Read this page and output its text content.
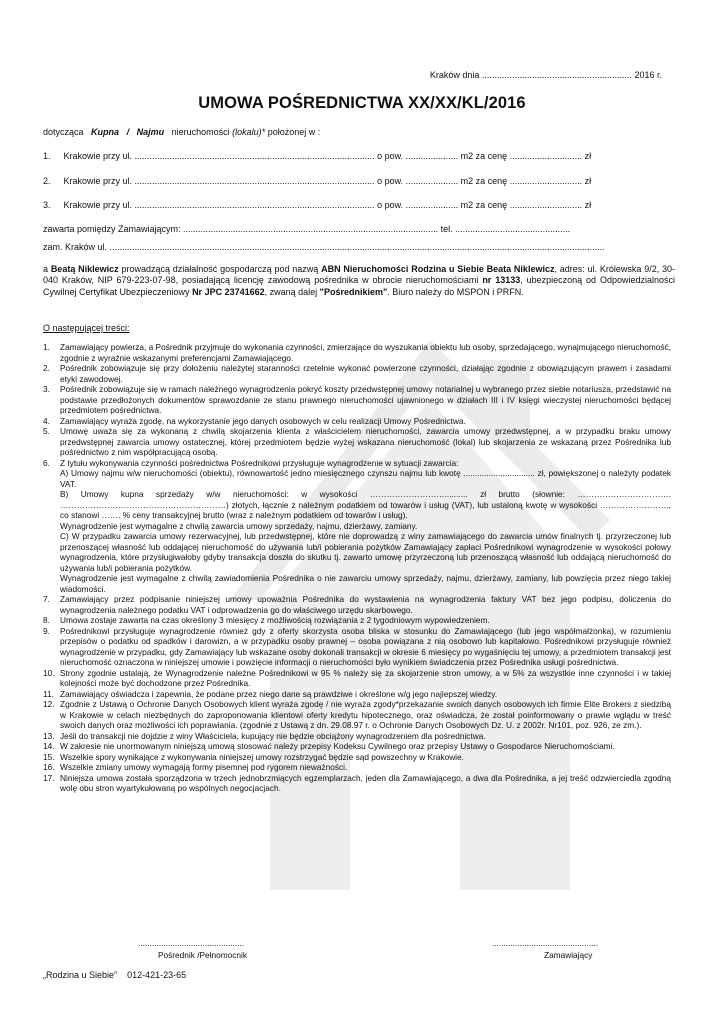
Kraków dnia ............................................................ 2016 r.
UMOWA POŚREDNICTWA XX/XX/KL/2016
dotycząca Kupna / Najmu nieruchomości (lokalu)* położonej w :
1. Krakowie przy ul. ................................................................................................ o pow. ..................... m2 za cenę ............................. zł
2. Krakowie przy ul. ................................................................................................ o pow. ..................... m2 za cenę ............................. zł
3. Krakowie przy ul. ................................................................................................ o pow. ..................... m2 za cenę ............................. zł
zawarta pomiędzy Zamawiającym: ...................................................................................................... tel. ..............................................
zam. Kraków ul. ......................................................................................................................................................................................................
a Beatą Niklewicz prowadzącą działalność gospodarczą pod nazwą ABN Nieruchomości Rodzina u Siebie Beata Niklewicz, adres: ul. Królewska 9/2, 30-040 Kraków, NIP 679-223-07-98, posiadającą licencję zawodową pośrednika w obrocie nieruchomościami nr 13133, ubezpieczoną od Odpowiedzialności Cywilnej Certyfikat Ubezpieczeniowy Nr JPC 23741662, zwaną dalej "Pośrednikiem". Biuro należy do MSPON i PRFN.
O następującej treści:
1. Zamawiający powierza, a Pośrednik przyjmuje do wykonania czynności, zmierzające do wyszukania obiektu lub osoby, sprzedającego, wynajmującego nieruchomość, zgodnie z wyraźnie wskazanymi preferencjami Zamawiającego.
2. Pośrednik zobowiązuje się przy dołożeniu należytej staranności rzetelnie wykonać powierzone czynności, działając zgodnie z obowiązującym prawem i zasadami etyki zawodowej.
3. Pośrednik zobowiązuje się w ramach należnego wynagrodzenia pokryć koszty przedwstępnej umowy notarialnej u wybranego przez siebie notariusza, przedstawić na podstawie przedłożonych dokumentów sprawozdanie ze stanu prawnego nieruchomości ujawnionego w działach III i IV księgi wieczystej nieruchomości będącej przedmiotem pośrednictwa.
4. Zamawiający wyraża zgodę, na wykorzystanie jego danych osobowych w celu realizacji Umowy Pośrednictwa.
5. Umowę uważa się za wykonaną z chwilą skojarzenia klienta z właścicielem nieruchomości, zawarcia umowy przedwstępnej, a w przypadku braku umowy przedwstępnej zawarcia umowy ostatecznej, której przedmiotem będzie wyżej wskazana nieruchomość (lokal) lub skojarzenia ze wskazaną przez Pośrednika lub pośrednictwo z nim współpracującą osobą.
6. Z tytułu wykonywania czynności pośrednictwa Pośrednikowi przysługuje wynagrodzenie w sytuacji zawarcia:
A) Umowy najmu w/w nieruchomości (obiektu), równowartość jedno miesięcznego czynszu najmu lub kwotę ............................... zł, powiększonej o należyty podatek VAT.
B) Umowy kupna sprzedaży w/w nieruchomości: w wysokości ……………………….......... zł brutto (słownie: ……………………………. ……………………………………………………) złotych, łącznie z należnym podatkiem od towarów i usług (VAT), lub ustaloną kwotę w wysokości ……………………., co stanowi ……. % ceny transakcyjnej brutto (wraz z należnym podatkiem od towarów i usług).
Wynagrodzenie jest wymagalne z chwilą zawarcia umowy sprzedaży, najmu, dzierżawy, zamiany.
C) W przypadku zawarcia umowy rezerwacyjnej, lub przedwstępnej, które nie doprowadzą z winy zamawiającego do zawarcia umów finalnych tj. przyrzeczonej lub przenoszącej własność lub oddającej nieruchomość do używania lub/i pobierania pożytków Zamawiający zapłaci Pośrednikowi wynagrodzenie w wysokości połowy wynagrodzenia, które przysługiwałoby gdyby transakcja doszła do skutku tj. zawarto umowę przyrzeczoną lub przenoszącą własność lub oddającą nieruchomość do używania lub/i pobierania pożytków.
Wynagrodzenie jest wymagalne z chwilą zawiadomienia Pośrednika o nie zawarciu umowy sprzedaży, najmu, dzierżawy, zamiany, lub powzięcia przez niego takiej wiadomości.
7. Zamawiający przez podpisanie niniejszej umowy upoważnia Pośrednika do wystawienia na wynagrodzenia faktury VAT bez jego podpisu, doliczenia do wynagrodzenia należnego podatku VAT i odprowadzenia go do właściwego urzędu skarbowego.
8. Umowa zostaje zawarta na czas określony 3 miesięcy z możliwością rozwiązania z 2 tygodniowym wypowiedzeniem.
9. Pośrednikowi przysługuje wynagrodzenie również gdy z oferty skorzysta osoba bliska w stosunku do Zamawiającego (lub jego współmałżonka), w rozumieniu przepisów o podatku od spadków i darowizn, a w przypadku osoby prawnej – osoba powiązana z nią osobowo lub kapitałowo. Pośrednikowi przysługuje również wynagrodzenie w przypadku, gdy Zamawiający lub wskazane osoby dokonali transakcji w okresie 6 miesięcy po wygaśnięciu tej umowy, a przedmiotem transakcji jest nieruchomość oznaczona w niniejszej umowie i powzięcie informacji o nieruchomości było wynikiem świadczenia przez Pośrednika usługi pośrednictwa.
10. Strony zgodnie ustalają, że Wynagrodzenie należne Pośrednikowi w 95 % należy się za skojarzenie stron umowy, a w 5% za wszystkie inne czynności i w takiej kolejności może być dochodzone przez Pośrednika.
11. Zamawiający oświadcza i zapewnia, że podane przez niego dane są prawdziwe i określone w/g jego najlepszej wiedzy.
12. Zgodnie z Ustawą o Ochronie Danych Osobowych klient wyraża zgodę / nie wyraża zgody*przekazanie swoich danych osobowych ich firmie Elite Brokers z siedzibą w Krakowie w celach niezbędnych do zaproponowania klientowi oferty kredytu hipotecznego, oraz oświadcza, że został poinformowany o prawie wglądu w treść swoich danych oraz możliwości ich poprawiania. (zgodnie z Ustawą z dn. 29.08.97 r. o Ochronie Danych Osobowych Dz. U. z 2002r. Nr101, poz. 926, ze zm.).
13. Jeśli do transakcji nie dojdzie z winy Właściciela, kupujący nie będzie obciążony wynagrodzeniem dla pośrednictwa.
14. W zakresie nie unormowanym niniejszą umową stosować należy przepisy Kodeksu Cywilnego oraz przepisy Ustawy o Gospodarce Nieruchomościami.
15. Wszelkie spory wynikające z wykonywania niniejszej umowy rozstrzygać będzie sąd powszechny w Krakowie.
16. Wszelkie zmiany umowy wymagają formy pisemnej pod rygorem nieważności.
17. Niniejsza umowa została sporządzona w trzech jednobrzmiących egzemplarzach, jeden dla Zamawiającego, a dwa dla Pośrednika, a jej treść odzwierciedla zgodną wolę obu stron wyartykułowaną po wspólnych negocjacjach.
..............................................
Pośrednik /Pełnomocnik
..............................................
Zamawiający
„Rodzina u Siebie” 012-421-23-65
